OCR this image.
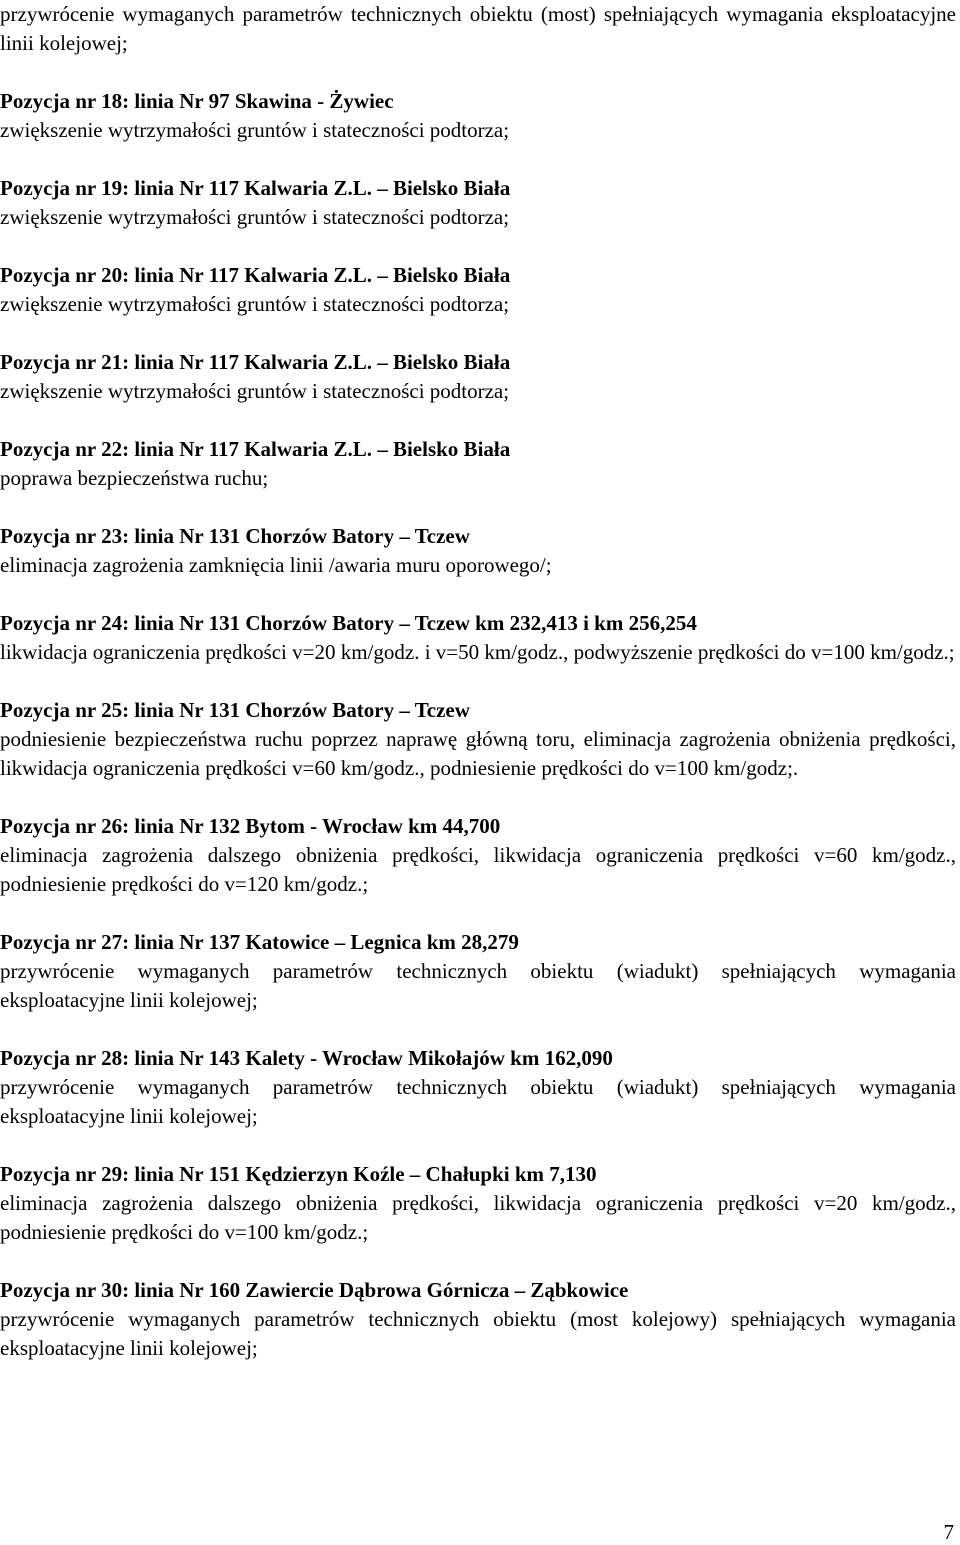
przywrócenie wymaganych parametrów technicznych obiektu (most) spełniających wymagania eksploatacyjne linii kolejowej;

Pozycja nr 18: linia Nr 97 Skawina - Żywiec

zwiększenie wytrzymałości gruntów i stateczności podtorza;

Pozycja nr 19: linia Nr 117 Kalwaria Z.L. – Bielsko Biała

zwiększenie wytrzymałości gruntów i stateczności podtorza;

Pozycja nr 20: linia Nr 117 Kalwaria Z.L. – Bielsko Biała

zwiększenie wytrzymałości gruntów i stateczności podtorza;

Pozycja nr 21: linia Nr 117 Kalwaria Z.L. – Bielsko Biała

zwiększenie wytrzymałości gruntów i stateczności podtorza;

Pozycja nr 22: linia Nr 117 Kalwaria Z.L. – Bielsko Biała

poprawa bezpieczeństwa ruchu;

Pozycja nr 23: linia Nr 131 Chorzów Batory – Tczew

eliminacja zagrożenia zamknięcia linii /awaria muru oporowego/;

Pozycja nr 24: linia Nr 131 Chorzów Batory – Tczew km 232,413 i km 256,254

likwidacja ograniczenia prędkości v=20 km/godz. i v=50 km/godz., podwyższenie prędkości do v=100 km/godz.;

Pozycja nr 25: linia Nr 131 Chorzów Batory – Tczew

podniesienie bezpieczeństwa ruchu poprzez naprawę główną toru, eliminacja zagrożenia obniżenia prędkości, likwidacja ograniczenia prędkości v=60 km/godz., podniesienie prędkości do v=100 km/godz;.

Pozycja nr 26: linia Nr 132 Bytom - Wrocław km 44,700

eliminacja zagrożenia dalszego obniżenia prędkości, likwidacja ograniczenia prędkości v=60 km/godz., podniesienie prędkości do v=120 km/godz.;

Pozycja nr 27: linia Nr 137 Katowice – Legnica km 28,279

przywrócenie wymaganych parametrów technicznych obiektu (wiadukt) spełniających wymagania eksploatacyjne linii kolejowej;

Pozycja nr 28: linia Nr 143 Kalety - Wrocław Mikołajów km 162,090

przywrócenie wymaganych parametrów technicznych obiektu (wiadukt) spełniających wymagania eksploatacyjne linii kolejowej;

Pozycja nr 29: linia Nr 151 Kędzierzyn Koźle – Chałupki km 7,130

eliminacja zagrożenia dalszego obniżenia prędkości, likwidacja ograniczenia prędkości v=20 km/godz., podniesienie prędkości do v=100 km/godz.;

Pozycja nr 30: linia Nr 160 Zawiercie Dąbrowa Górnicza – Ząbkowice

przywrócenie wymaganych parametrów technicznych obiektu (most kolejowy) spełniających wymagania eksploatacyjne linii kolejowej;

7
